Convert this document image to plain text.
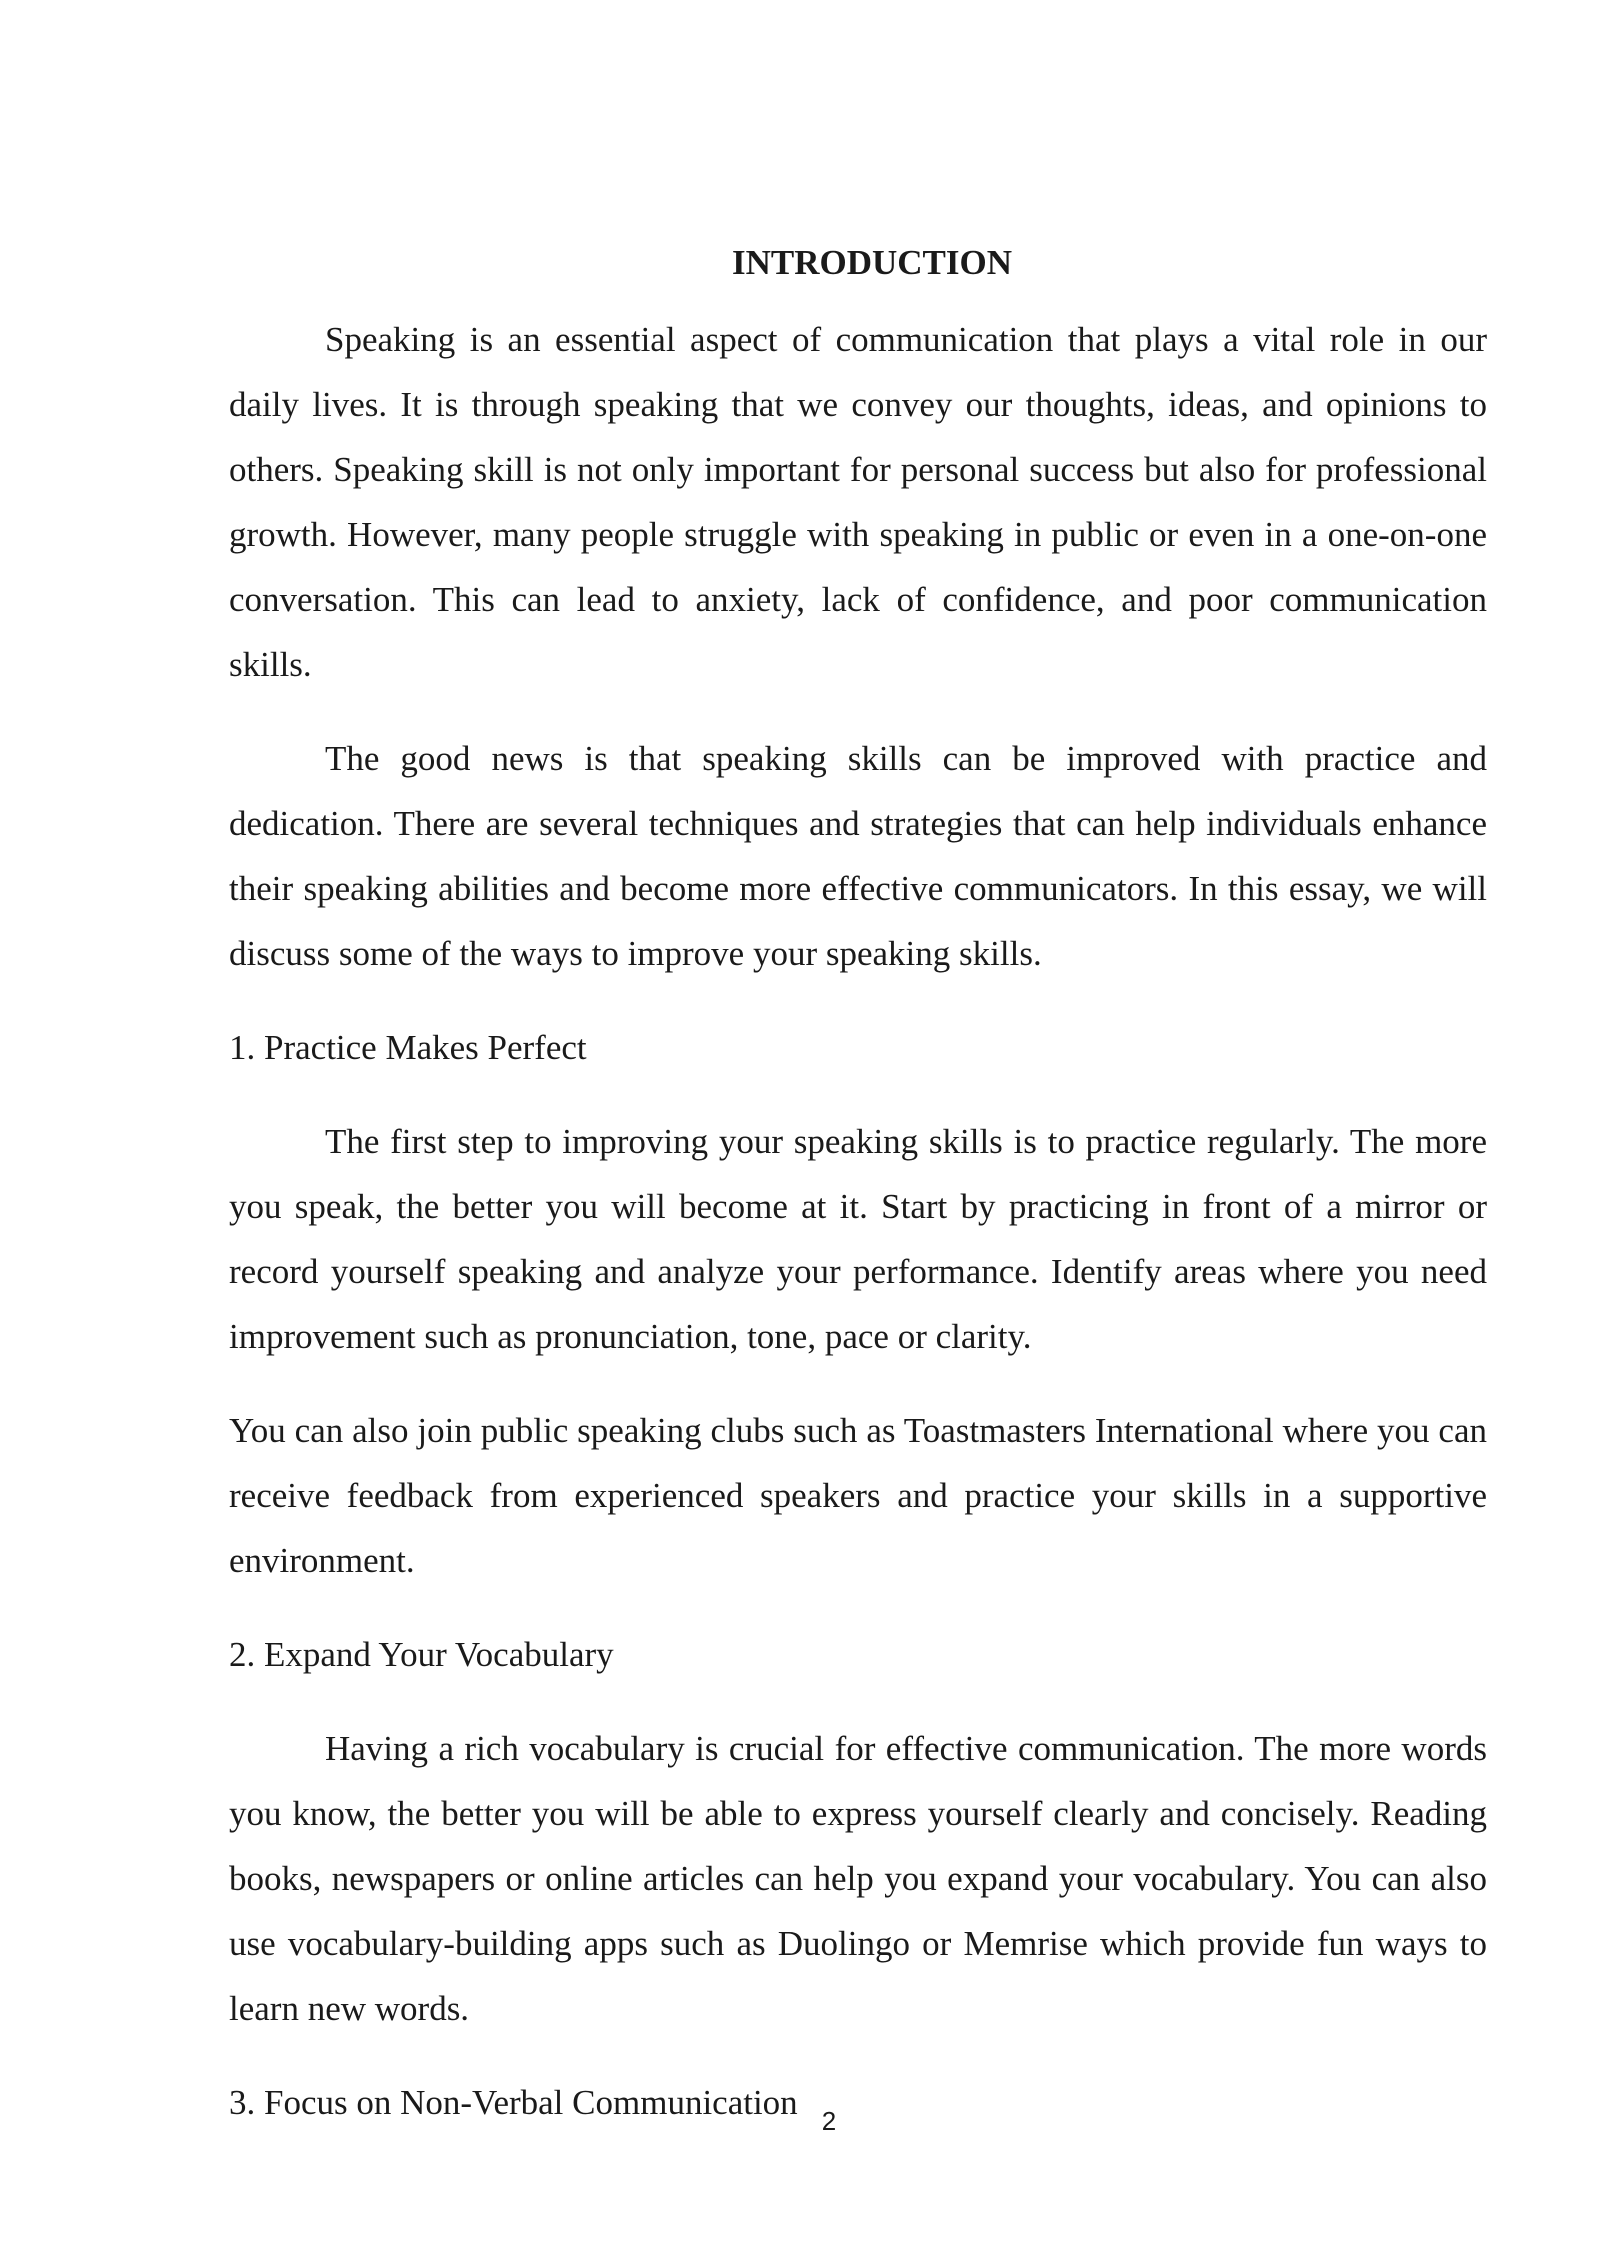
INTRODUCTION

Speaking is an essential aspect of communication that plays a vital role in our daily lives. It is through speaking that we convey our thoughts, ideas, and opinions to others. Speaking skill is not only important for personal success but also for professional growth. However, many people struggle with speaking in public or even in a one-on-one conversation. This can lead to anxiety, lack of confidence, and poor communication skills.

The good news is that speaking skills can be improved with practice and dedication. There are several techniques and strategies that can help individuals enhance their speaking abilities and become more effective communicators. In this essay, we will discuss some of the ways to improve your speaking skills.

1. Practice Makes Perfect

The first step to improving your speaking skills is to practice regularly. The more you speak, the better you will become at it. Start by practicing in front of a mirror or record yourself speaking and analyze your performance. Identify areas where you need improvement such as pronunciation, tone, pace or clarity.

You can also join public speaking clubs such as Toastmasters International where you can receive feedback from experienced speakers and practice your skills in a supportive environment.

2. Expand Your Vocabulary

Having a rich vocabulary is crucial for effective communication. The more words you know, the better you will be able to express yourself clearly and concisely. Reading books, newspapers or online articles can help you expand your vocabulary. You can also use vocabulary-building apps such as Duolingo or Memrise which provide fun ways to learn new words.

3. Focus on Non-Verbal Communication 2
